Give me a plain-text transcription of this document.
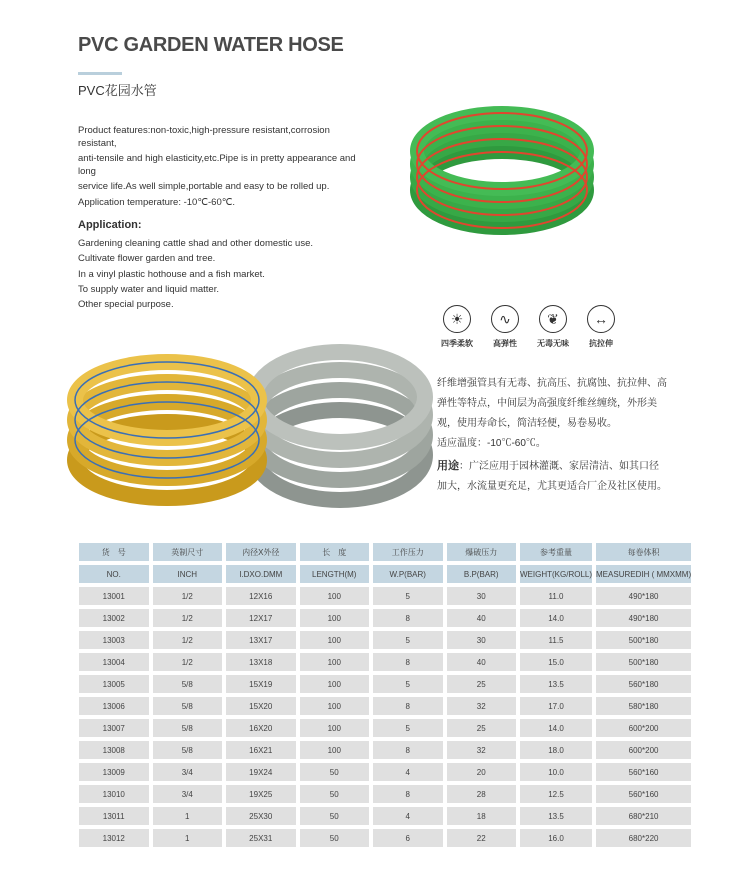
PVC GARDEN WATER HOSE
PVC花园水管

Product features:non-toxic,high-pressure resistant,corrosion resistant,

anti-tensile and high elasticity,etc.Pipe is in pretty appearance and long

service life.As well simple,portable and easy to be rolled up.

Application temperature: -10℃-60℃.

Application:
Gardening cleaning cattle shad and other domestic use.
Cultivate flower garden and tree.
In a vinyl plastic hothouse and a fish market.
To supply water and liquid matter.
Other special purpose.
☀
四季柔软
∿
高弹性
❦
无毒无味
↔
抗拉伸
纤维增强管具有无毒、抗高压、抗腐蚀、抗拉伸、高弹性等特点，中间层为高强度纤维丝缠绕，外形美观，使用寿命长，简洁轻便，易卷易收。
适应温度：-10℃-60℃。
用途：广泛应用于园林灌溉、家居清洁、如其口径加大，水流量更充足，尤其更适合厂企及社区使用。
货　号	英制尺寸	内径X外径	长　度	工作压力	爆破压力	参考重量	每卷体积
NO.	INCH	I.DXO.DMM	LENGTH(M)	W.P(BAR)	B.P(BAR)	WEIGHT(KG/ROLL)	MEASUREDIH ( MMXMM)
13001	1/2	12X16	100	5	30	11.0	490*180
13002	1/2	12X17	100	8	40	14.0	490*180
13003	1/2	13X17	100	5	30	11.5	500*180
13004	1/2	13X18	100	8	40	15.0	500*180
13005	5/8	15X19	100	5	25	13.5	560*180
13006	5/8	15X20	100	8	32	17.0	580*180
13007	5/8	16X20	100	5	25	14.0	600*200
13008	5/8	16X21	100	8	32	18.0	600*200
13009	3/4	19X24	50	4	20	10.0	560*160
13010	3/4	19X25	50	8	28	12.5	560*160
13011	1	25X30	50	4	18	13.5	680*210
13012	1	25X31	50	6	22	16.0	680*220
